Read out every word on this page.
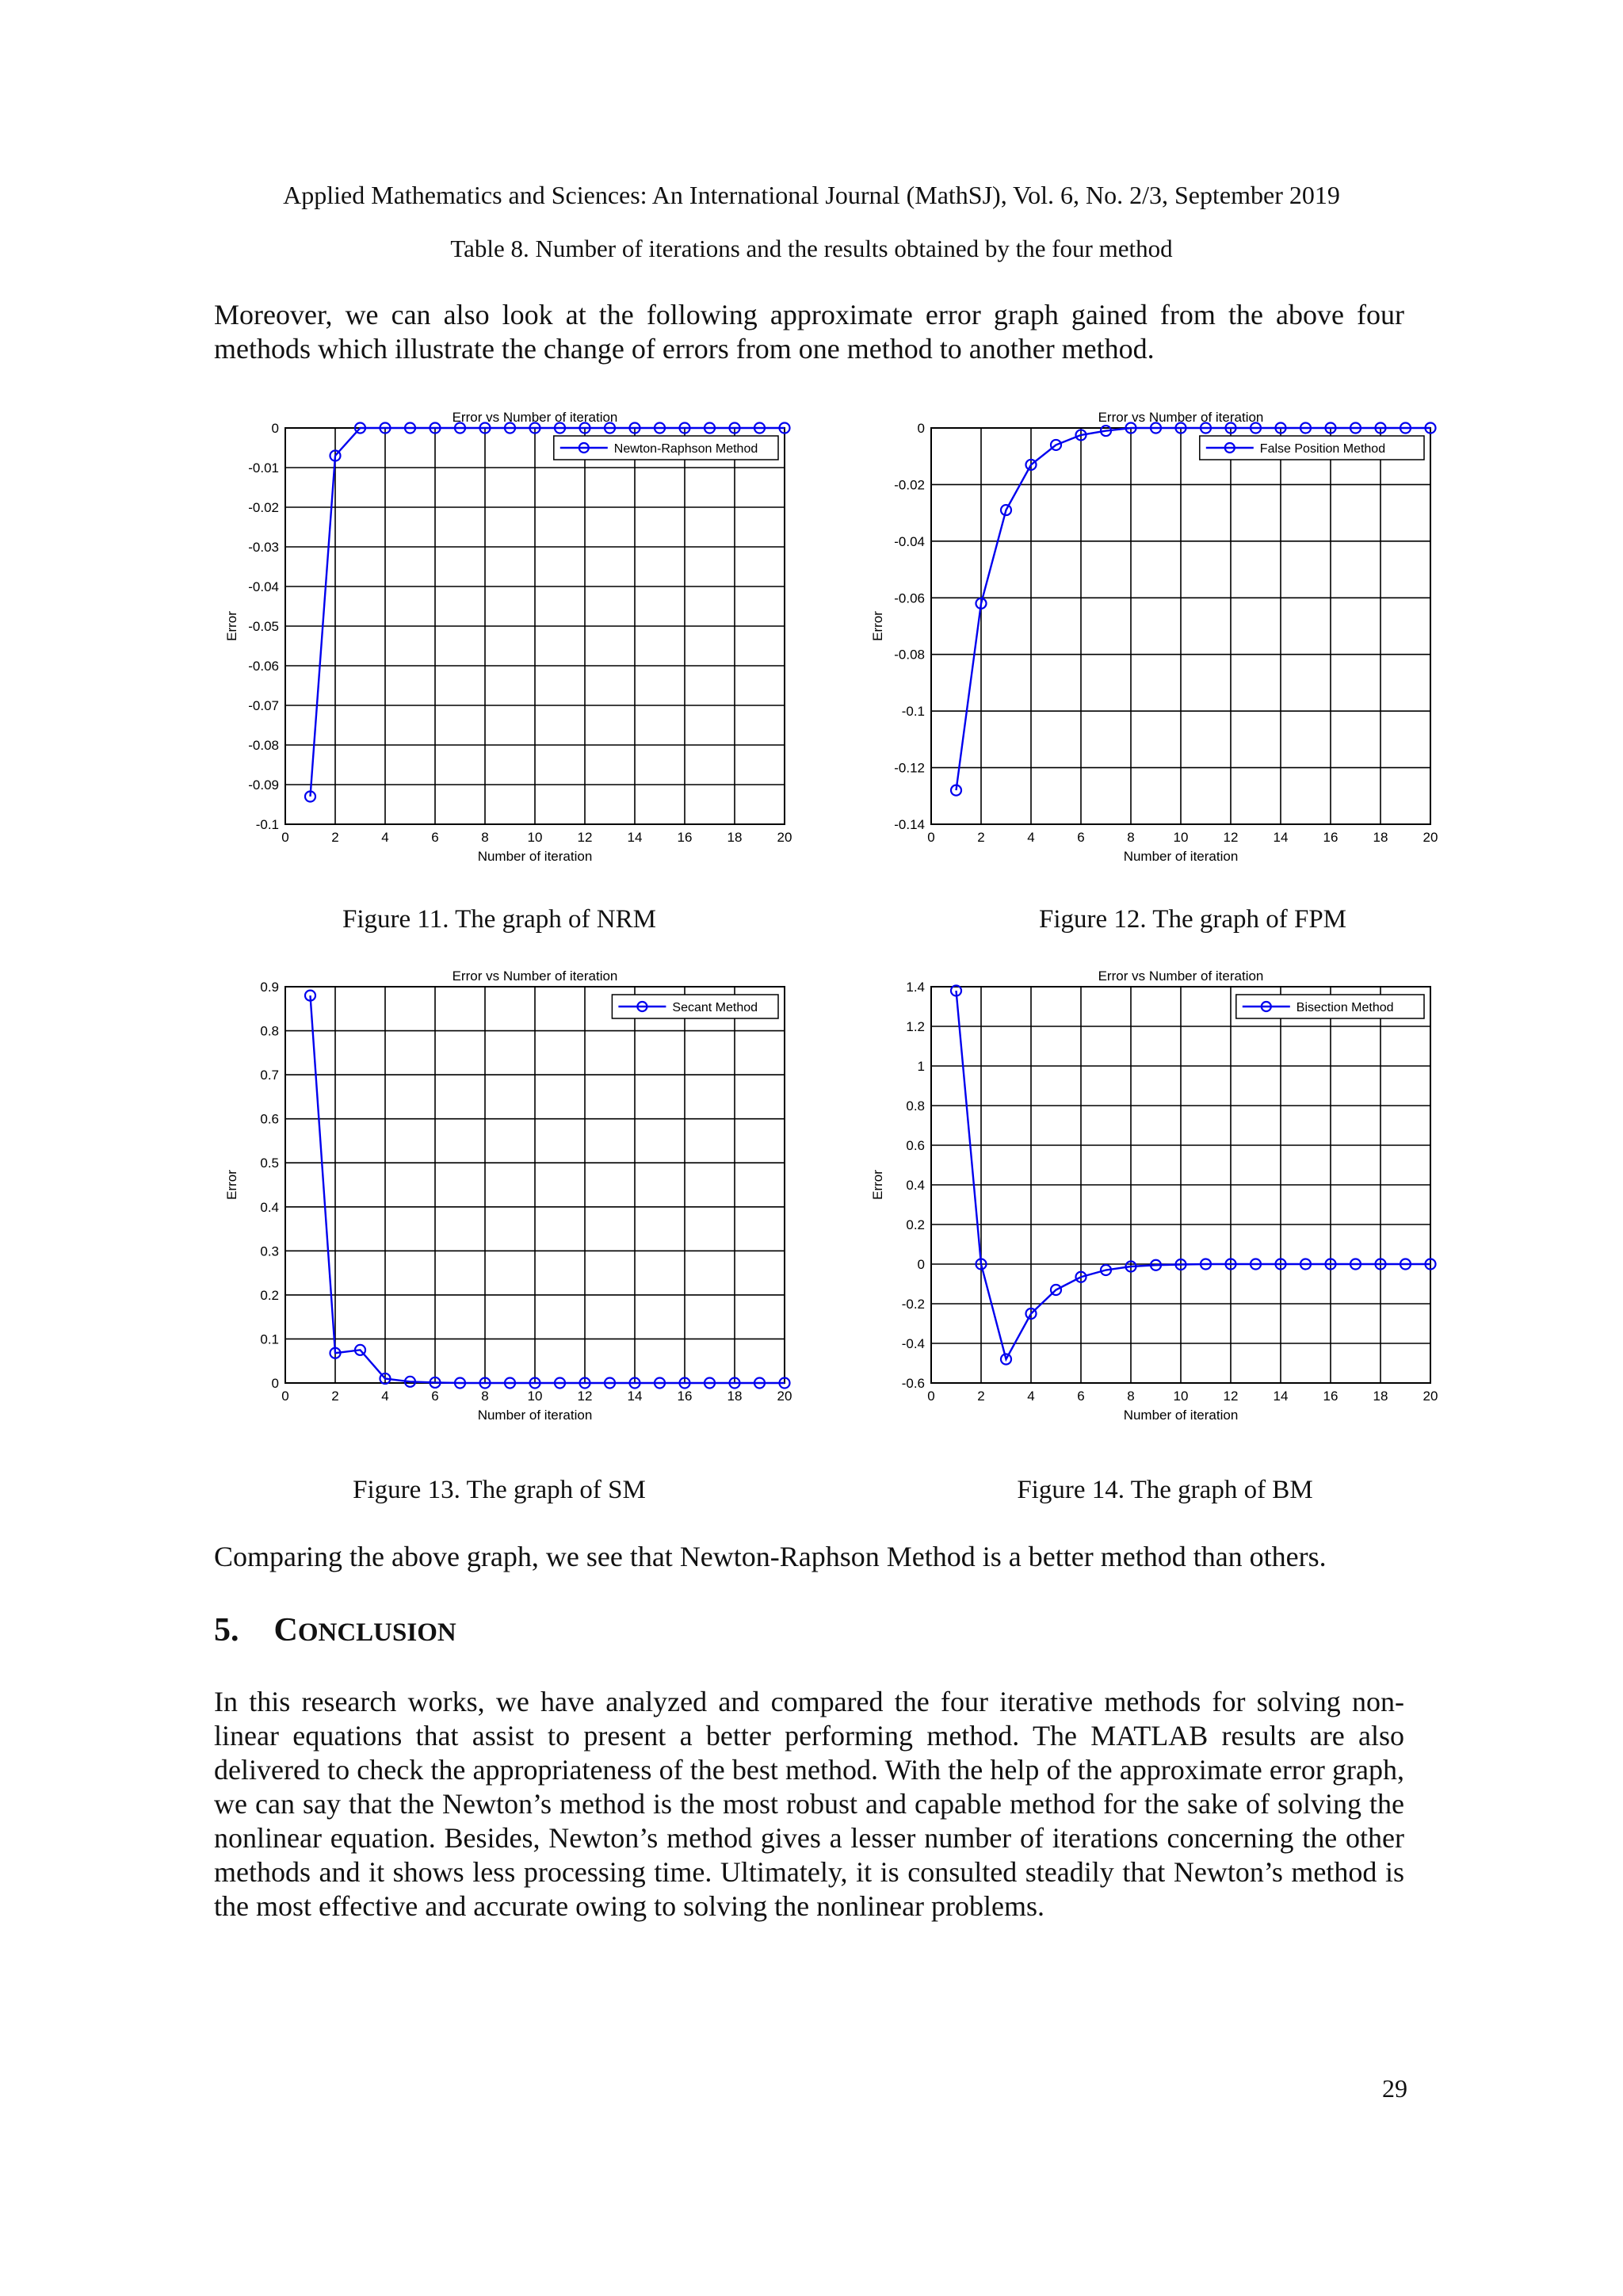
Applied Mathematics and Sciences: An International Journal (MathSJ), Vol. 6, No. 2/3, September 2019
Table 8. Number of iterations and the results obtained by the four method
Moreover, we can also look at the following approximate error graph gained from the above four methods which illustrate the change of errors from one method to another method.
0	2	4	6	8	10	12	14	16	18	20
0
-0.01
-0.02
-0.03
-0.04
-0.05
-0.06
-0.07
-0.08
-0.09
-0.1
Error vs Number of iteration
Number of iteration
Error
Newton-Raphson Method
0	2	4	6	8	10	12	14	16	18	20
0
-0.02
-0.04
-0.06
-0.08
-0.1
-0.12
-0.14
Error vs Number of iteration
Number of iteration
Error
False Position Method
Figure 11. The graph of NRM	Figure 12. The graph of FPM
0	2	4	6	8	10	12	14	16	18	20
0
0.1
0.2
0.3
0.4
0.5
0.6
0.7
0.8
0.9
Error vs Number of iteration
Number of iteration
Error
Secant Method
0	2	4	6	8	10	12	14	16	18	20
1.4
1.2
1
0.8
0.6
0.4
0.2
0
-0.2
-0.4
-0.6
Error vs Number of iteration
Number of iteration
Error
Bisection Method
Figure 13. The graph of SM	Figure 14. The graph of BM
Comparing the above graph, we see that Newton-Raphson Method is a better method than others.
5. CONCLUSION
In this research works, we have analyzed and compared the four iterative methods for solving non-linear equations that assist to present a better performing method. The MATLAB results are also delivered to check the appropriateness of the best method. With the help of the approximate error graph, we can say that the Newton’s method is the most robust and capable method for the sake of solving the nonlinear equation. Besides, Newton’s method gives a lesser number of iterations concerning the other methods and it shows less processing time. Ultimately, it is consulted steadily that Newton’s method is the most effective and accurate owing to solving the nonlinear problems.
29
